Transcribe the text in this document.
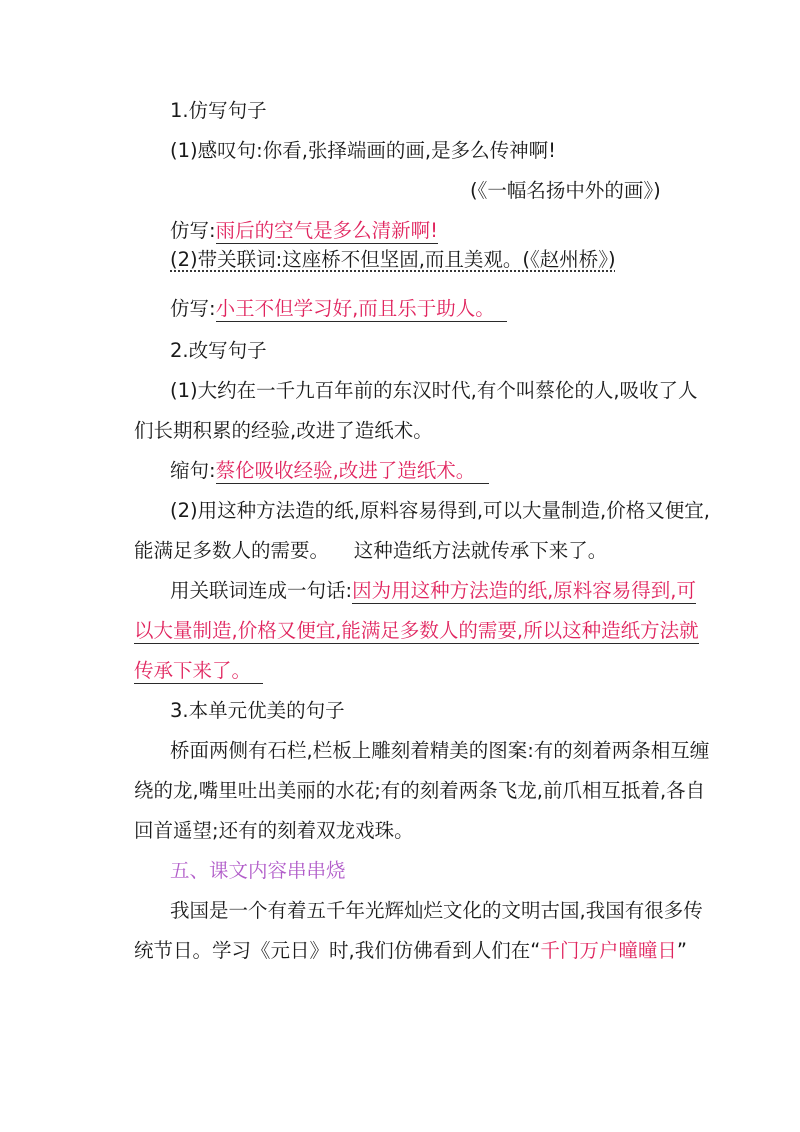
1.仿写句子
(1)感叹句:你看,张择端画的画,是多么传神啊!
(《一幅名扬中外的画》)
仿写:雨后的空气是多么清新啊!
(2)带关联词:这座桥不但坚固,而且美观。(《赵州桥》)
仿写:小王不但学习好,而且乐于助人。
2.改写句子
(1)大约在一千九百年前的东汉时代,有个叫蔡伦的人,吸收了人
们长期积累的经验,改进了造纸术。
缩句:蔡伦吸收经验,改进了造纸术。
(2)用这种方法造的纸,原料容易得到,可以大量制造,价格又便宜,
能满足多数人的需要。    这种造纸方法就传承下来了。
用关联词连成一句话:因为用这种方法造的纸,原料容易得到,可
以大量制造,价格又便宜,能满足多数人的需要,所以这种造纸方法就
传承下来了。
3.本单元优美的句子
桥面两侧有石栏,栏板上雕刻着精美的图案:有的刻着两条相互缠
绕的龙,嘴里吐出美丽的水花;有的刻着两条飞龙,前爪相互抵着,各自
回首遥望;还有的刻着双龙戏珠。
五、课文内容串串烧
我国是一个有着五千年光辉灿烂文化的文明古国,我国有很多传
统节日。学习《元日》时,我们仿佛看到人们在“千门万户曈曈日”
